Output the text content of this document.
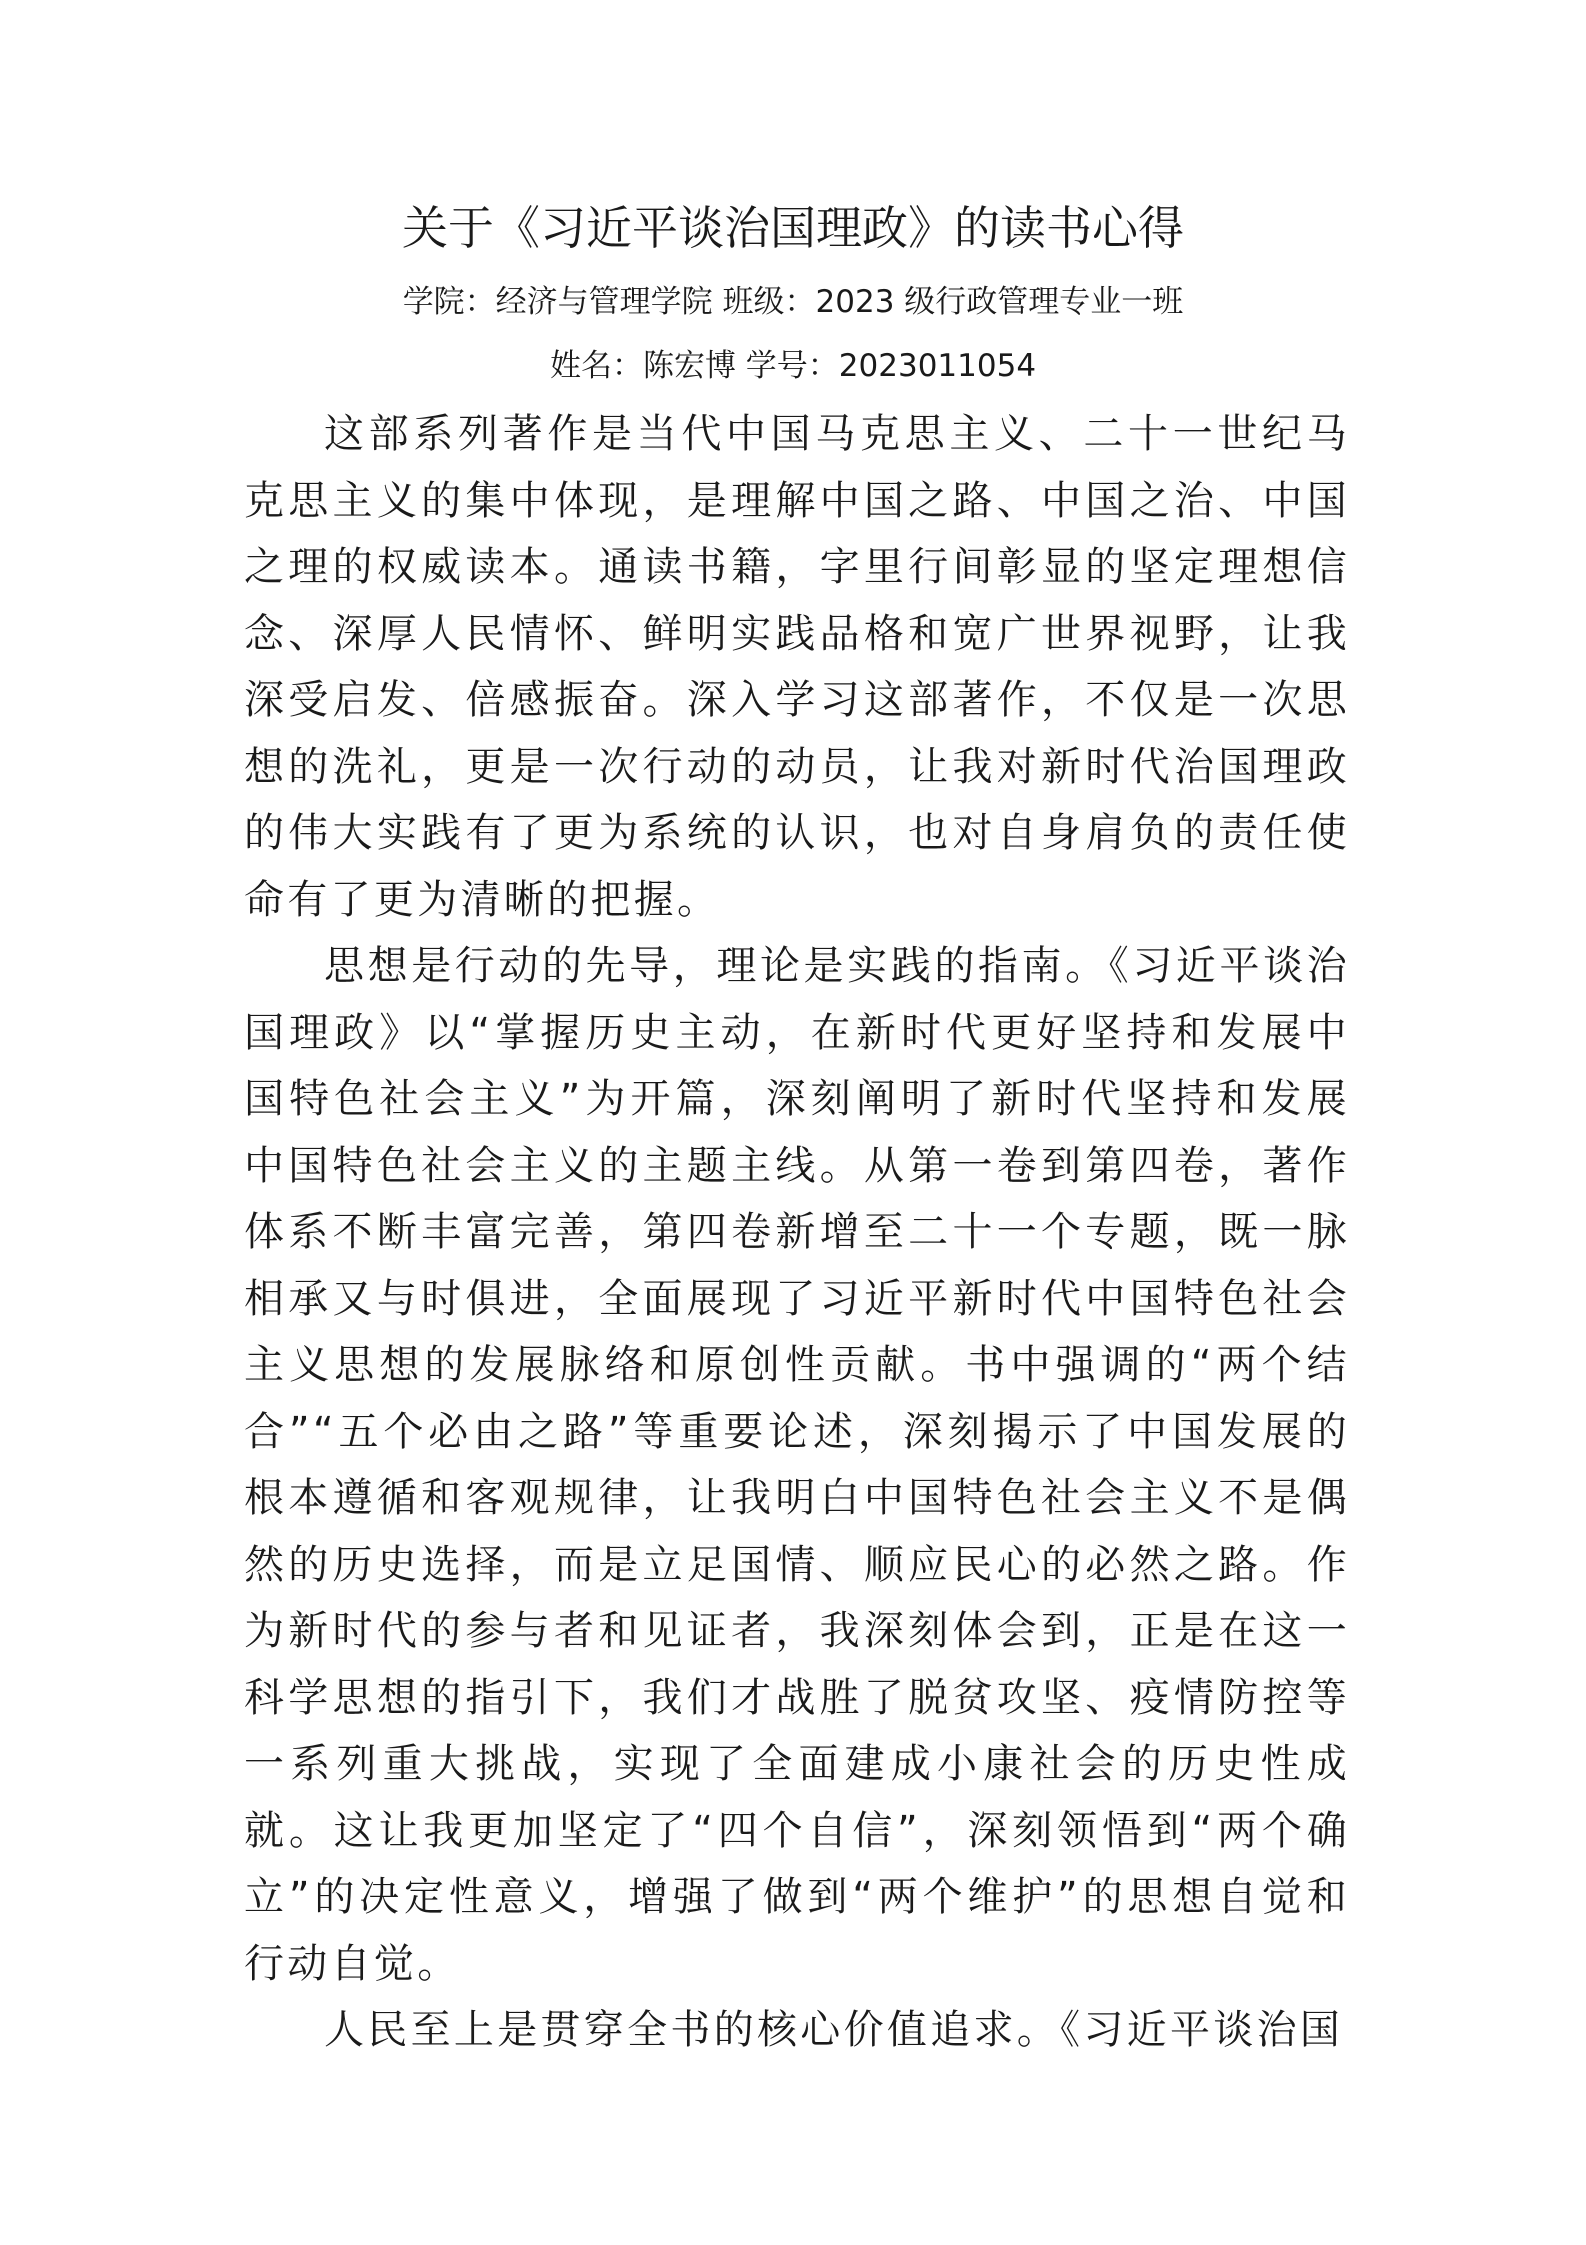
关于《习近平谈治国理政》的读书心得
学院：经济与管理学院 班级：2023 级行政管理专业一班
姓名：陈宏博 学号：2023011054

这部系列著作是当代中国马克思主义、二十一世纪马克思主义的集中体现，是理解中国之路、中国之治、中国之理的权威读本。通读书籍，字里行间彰显的坚定理想信念、深厚人民情怀、鲜明实践品格和宽广世界视野，让我深受启发、倍感振奋。深入学习这部著作，不仅是一次思想的洗礼，更是一次行动的动员，让我对新时代治国理政的伟大实践有了更为系统的认识，也对自身肩负的责任使命有了更为清晰的把握。

思想是行动的先导，理论是实践的指南。《习近平谈治国理政》以“掌握历史主动，在新时代更好坚持和发展中国特色社会主义”为开篇，深刻阐明了新时代坚持和发展中国特色社会主义的主题主线。从第一卷到第四卷，著作体系不断丰富完善，第四卷新增至二十一个专题，既一脉相承又与时俱进，全面展现了习近平新时代中国特色社会主义思想的发展脉络和原创性贡献。书中强调的“两个结合”“五个必由之路”等重要论述，深刻揭示了中国发展的根本遵循和客观规律，让我明白中国特色社会主义不是偶然的历史选择，而是立足国情、顺应民心的必然之路。作为新时代的参与者和见证者，我深刻体会到，正是在这一科学思想的指引下，我们才战胜了脱贫攻坚、疫情防控等一系列重大挑战，实现了全面建成小康社会的历史性成就。这让我更加坚定了“四个自信”，深刻领悟到“两个确立”的决定性意义，增强了做到“两个维护”的思想自觉和行动自觉。

人民至上是贯穿全书的核心价值追求。《习近平谈治国
